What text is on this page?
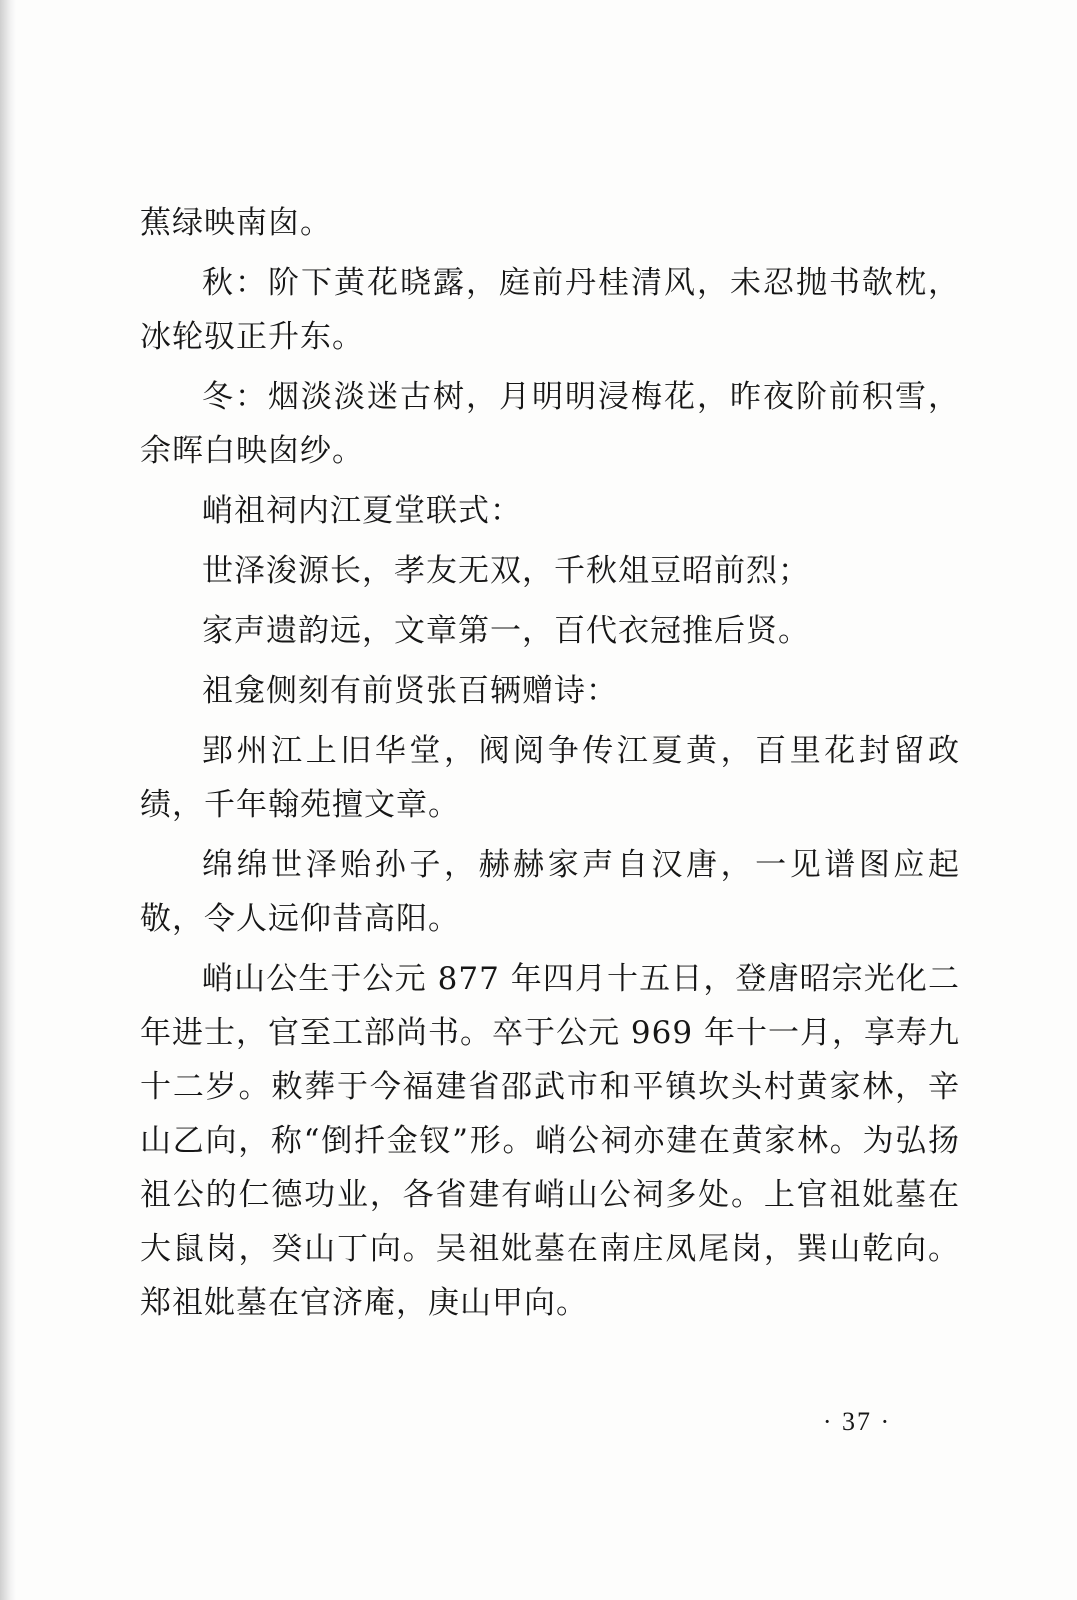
蕉绿映南囱。

秋：阶下黄花晓露，庭前丹桂清风，未忍抛书欹枕，冰轮驭正升东。

冬：烟淡淡迷古树，月明明浸梅花，昨夜阶前积雪，余晖白映囱纱。

峭祖祠内江夏堂联式：

世泽浚源长，孝友无双，千秋俎豆昭前烈；

家声遗韵远，文章第一，百代衣冠推后贤。

祖龛侧刻有前贤张百辆赠诗：

郢州江上旧华堂，阀阅争传江夏黄，百里花封留政绩，千年翰苑擅文章。

绵绵世泽贻孙子，赫赫家声自汉唐，一见谱图应起敬，令人远仰昔高阳。

峭山公生于公元 877 年四月十五日，登唐昭宗光化二年进士，官至工部尚书。卒于公元 969 年十一月，享寿九十二岁。敕葬于今福建省邵武市和平镇坎头村黄家林，辛山乙向，称“倒扦金钗”形。峭公祠亦建在黄家林。为弘扬祖公的仁德功业，各省建有峭山公祠多处。上官祖妣墓在大鼠岗，癸山丁向。吴祖妣墓在南庄凤尾岗，巽山乾向。郑祖妣墓在官济庵，庚山甲向。

· 37 ·
